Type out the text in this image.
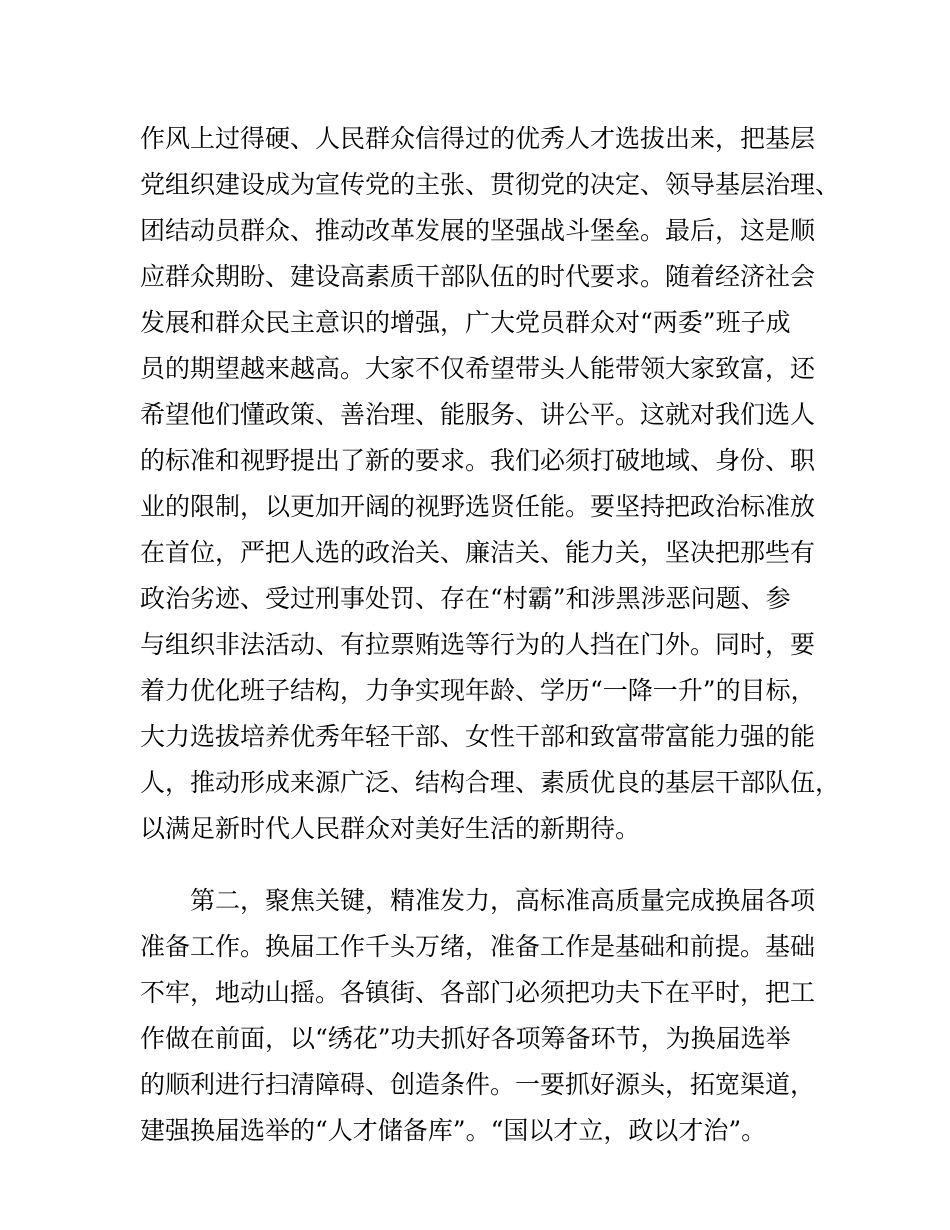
作风上过得硬、人民群众信得过的优秀人才选拔出来，把基层
党组织建设成为宣传党的主张、贯彻党的决定、领导基层治理、
团结动员群众、推动改革发展的坚强战斗堡垒。最后，这是顺
应群众期盼、建设高素质干部队伍的时代要求。随着经济社会
发展和群众民主意识的增强，广大党员群众对“两委”班子成
员的期望越来越高。大家不仅希望带头人能带领大家致富，还
希望他们懂政策、善治理、能服务、讲公平。这就对我们选人
的标准和视野提出了新的要求。我们必须打破地域、身份、职
业的限制，以更加开阔的视野选贤任能。要坚持把政治标准放
在首位，严把人选的政治关、廉洁关、能力关，坚决把那些有
政治劣迹、受过刑事处罚、存在“村霸”和涉黑涉恶问题、参
与组织非法活动、有拉票贿选等行为的人挡在门外。同时，要
着力优化班子结构，力争实现年龄、学历“一降一升”的目标，
大力选拔培养优秀年轻干部、女性干部和致富带富能力强的能
人，推动形成来源广泛、结构合理、素质优良的基层干部队伍，
以满足新时代人民群众对美好生活的新期待。
第二，聚焦关键，精准发力，高标准高质量完成换届各项
准备工作。换届工作千头万绪，准备工作是基础和前提。基础
不牢，地动山摇。各镇街、各部门必须把功夫下在平时，把工
作做在前面，以“绣花”功夫抓好各项筹备环节，为换届选举
的顺利进行扫清障碍、创造条件。一要抓好源头，拓宽渠道，
建强换届选举的“人才储备库”。“国以才立，政以才治”。
